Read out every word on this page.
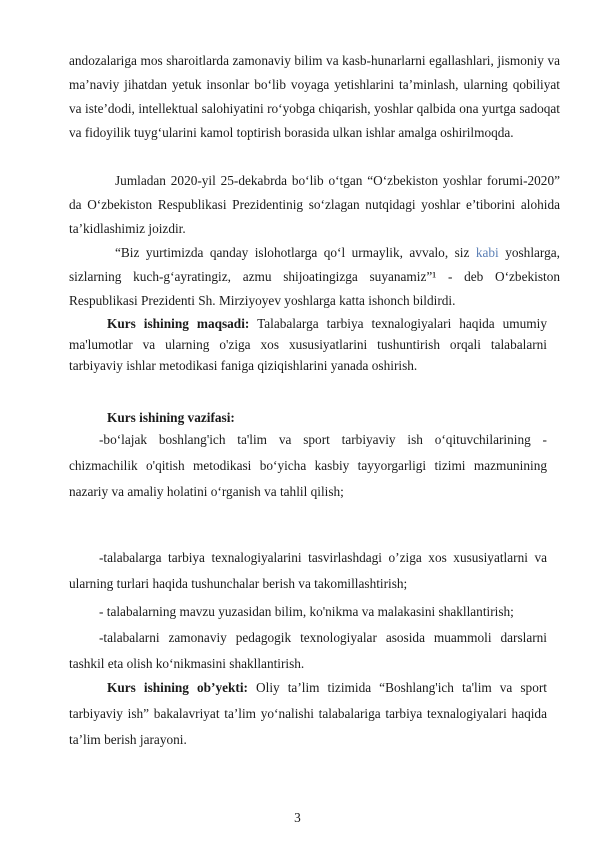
andozalariga mos sharoitlarda zamonaviy bilim va kasb-hunarlarni egallashlari, jismoniy va ma’naviy jihatdan yetuk insonlar bo‘lib voyaga yetishlarini ta’minlash, ularning qobiliyat va iste’dodi, intellektual salohiyatini ro‘yobga chiqarish, yoshlar qalbida ona yurtga sadoqat va fidoyilik tuyg‘ularini kamol toptirish borasida ulkan ishlar amalga oshirilmoqda.

Jumladan 2020-yil 25-dekabrda bo‘lib o‘tgan “O‘zbekiston yoshlar forumi-2020” da O‘zbekiston Respublikasi Prezidentinig so‘zlagan nutqidagi yoshlar e’tiborini alohida ta’kidlashimiz joizdir.

“Biz yurtimizda qanday islohotlarga qo‘l urmaylik, avvalo, siz kabi yoshlarga, sizlarning kuch-g‘ayratingiz, azmu shijoatingizga suyanamiz”¹ - deb O‘zbekiston Respublikasi Prezidenti Sh. Mirziyoyev yoshlarga katta ishonch bildirdi.

Kurs ishining maqsadi: Talabalarga tarbiya texnalogiyalari haqida umumiy ma'lumotlar va ularning o'ziga xos xususiyatlarini tushuntirish orqali talabalarni tarbiyaviy ishlar metodikasi faniga qiziqishlarini yanada oshirish.

Kurs ishining vazifasi:

-bo‘lajak boshlang'ich ta'lim va sport tarbiyaviy ish o‘qituvchilarining - chizmachilik o'qitish metodikasi bo‘yicha kasbiy tayyorgarligi tizimi mazmunining nazariy va amaliy holatini o‘rganish va tahlil qilish;

-talabalarga tarbiya texnalogiyalarini tasvirlashdagi o’ziga xos xususiyatlarni va ularning turlari haqida tushunchalar berish va takomillashtirish;

- talabalarning mavzu yuzasidan bilim, ko'nikma va malakasini shakllantirish;

-talabalarni zamonaviy pedagogik texnologiyalar asosida muammoli darslarni tashkil eta olish ko‘nikmasini shakllantirish.

Kurs ishining ob’yekti: Oliy ta’lim tizimida “Boshlang'ich ta'lim va sport tarbiyaviy ish” bakalavriyat ta’lim yo‘nalishi talabalariga tarbiya texnalogiyalari haqida ta’lim berish jarayoni.

3
